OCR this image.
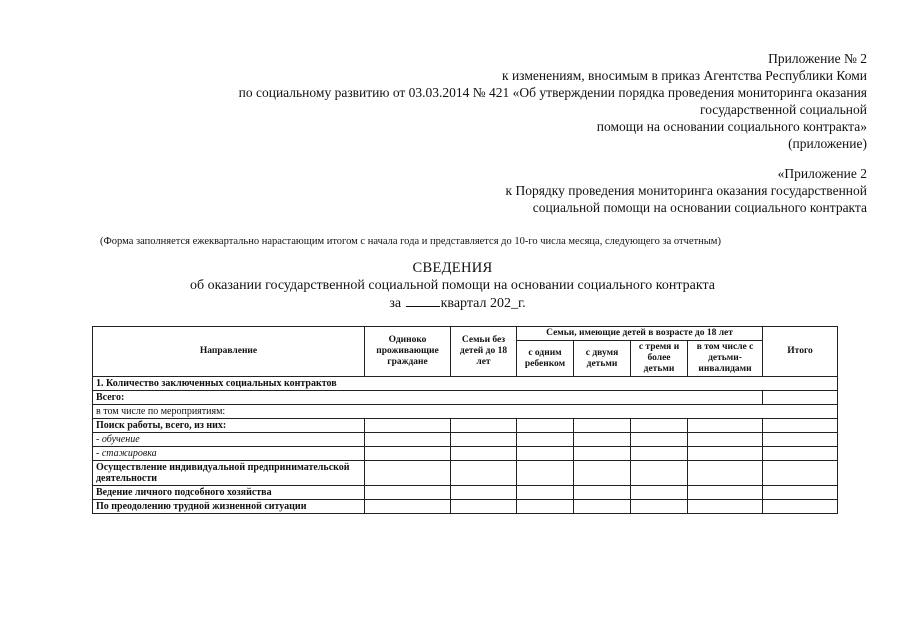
Приложение № 2
к изменениям, вносимым в приказ Агентства Республики Коми
по социальному развитию от 03.03.2014 № 421 «Об утверждении порядка проведения мониторинга оказания
государственной социальной
помощи на основании социального контракта»
(приложение)
«Приложение 2
к Порядку проведения мониторинга оказания государственной
социальной помощи на основании социального контракта
(Форма заполняется ежеквартально нарастающим итогом с начала года и представляется до 10-го числа месяца, следующего за отчетным)
СВЕДЕНИЯ
об оказании государственной социальной помощи на основании социального контракта
за	квартал 202_г.
Направление	Одиноко проживающие граждане	Семьи без детей до 18 лет	Семьи, имеющие детей в возрасте до 18 лет				Итого
			с одним ребенком	с двумя детьми	с тремя и более детьми	в том числе с детьми-инвалидами	
1. Количество заключенных социальных контрактов							
Всего:							
в том числе по мероприятиям:							
Поиск работы, всего, из них:							
- обучение							
- стажировка							
Осуществление индивидуальной предпринимательской деятельности							
Ведение личного подсобного хозяйства							
По преодолению трудной жизненной ситуации							
